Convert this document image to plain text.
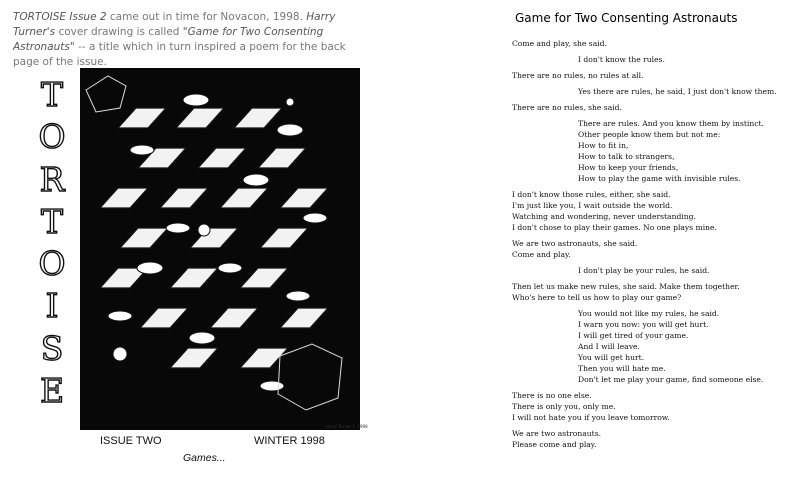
TORTOISE Issue 2 came out in time for Novacon, 1998. Harry Turner's cover drawing is called "Game for Two Consenting Astronauts" -- a title which in turn inspired a poem for the back page of the issue.
T
O
R
T
O
I
S
E
Harry Turner © 1998
ISSUE TWO	WINTER 1998
Games...
Game for Two Consenting Astronauts
Come and play, she said.
I don't know the rules.
There are no rules, no rules at all.
Yes there are rules, he said, I just don't know them.
There are no rules, she said.
There are rules. And you know them by instinct.
Other people know them but not me:
How to fit in,
How to talk to strangers,
How to keep your friends,
How to play the game with invisible rules.
I don't know those rules, either, she said.
I'm just like you, I wait outside the world.
Watching and wondering, never understanding.
I don't chose to play their games. No one plays mine.
We are two astronauts, she said.
Come and play.
I don't play be your rules, he said.
Then let us make new rules, she said. Make them together.
Who's here to tell us how to play our game?
You would not like my rules, he said.
I warn you now: you will get hurt.
I will get tired of your game.
And I will leave.
You will get hurt.
Then you will hate me.
Don't let me play your game, find someone else.
There is no one else.
There is only you, only me.
I will not hate you if you leave tomorrow.
We are two astronauts.
Please come and play.
